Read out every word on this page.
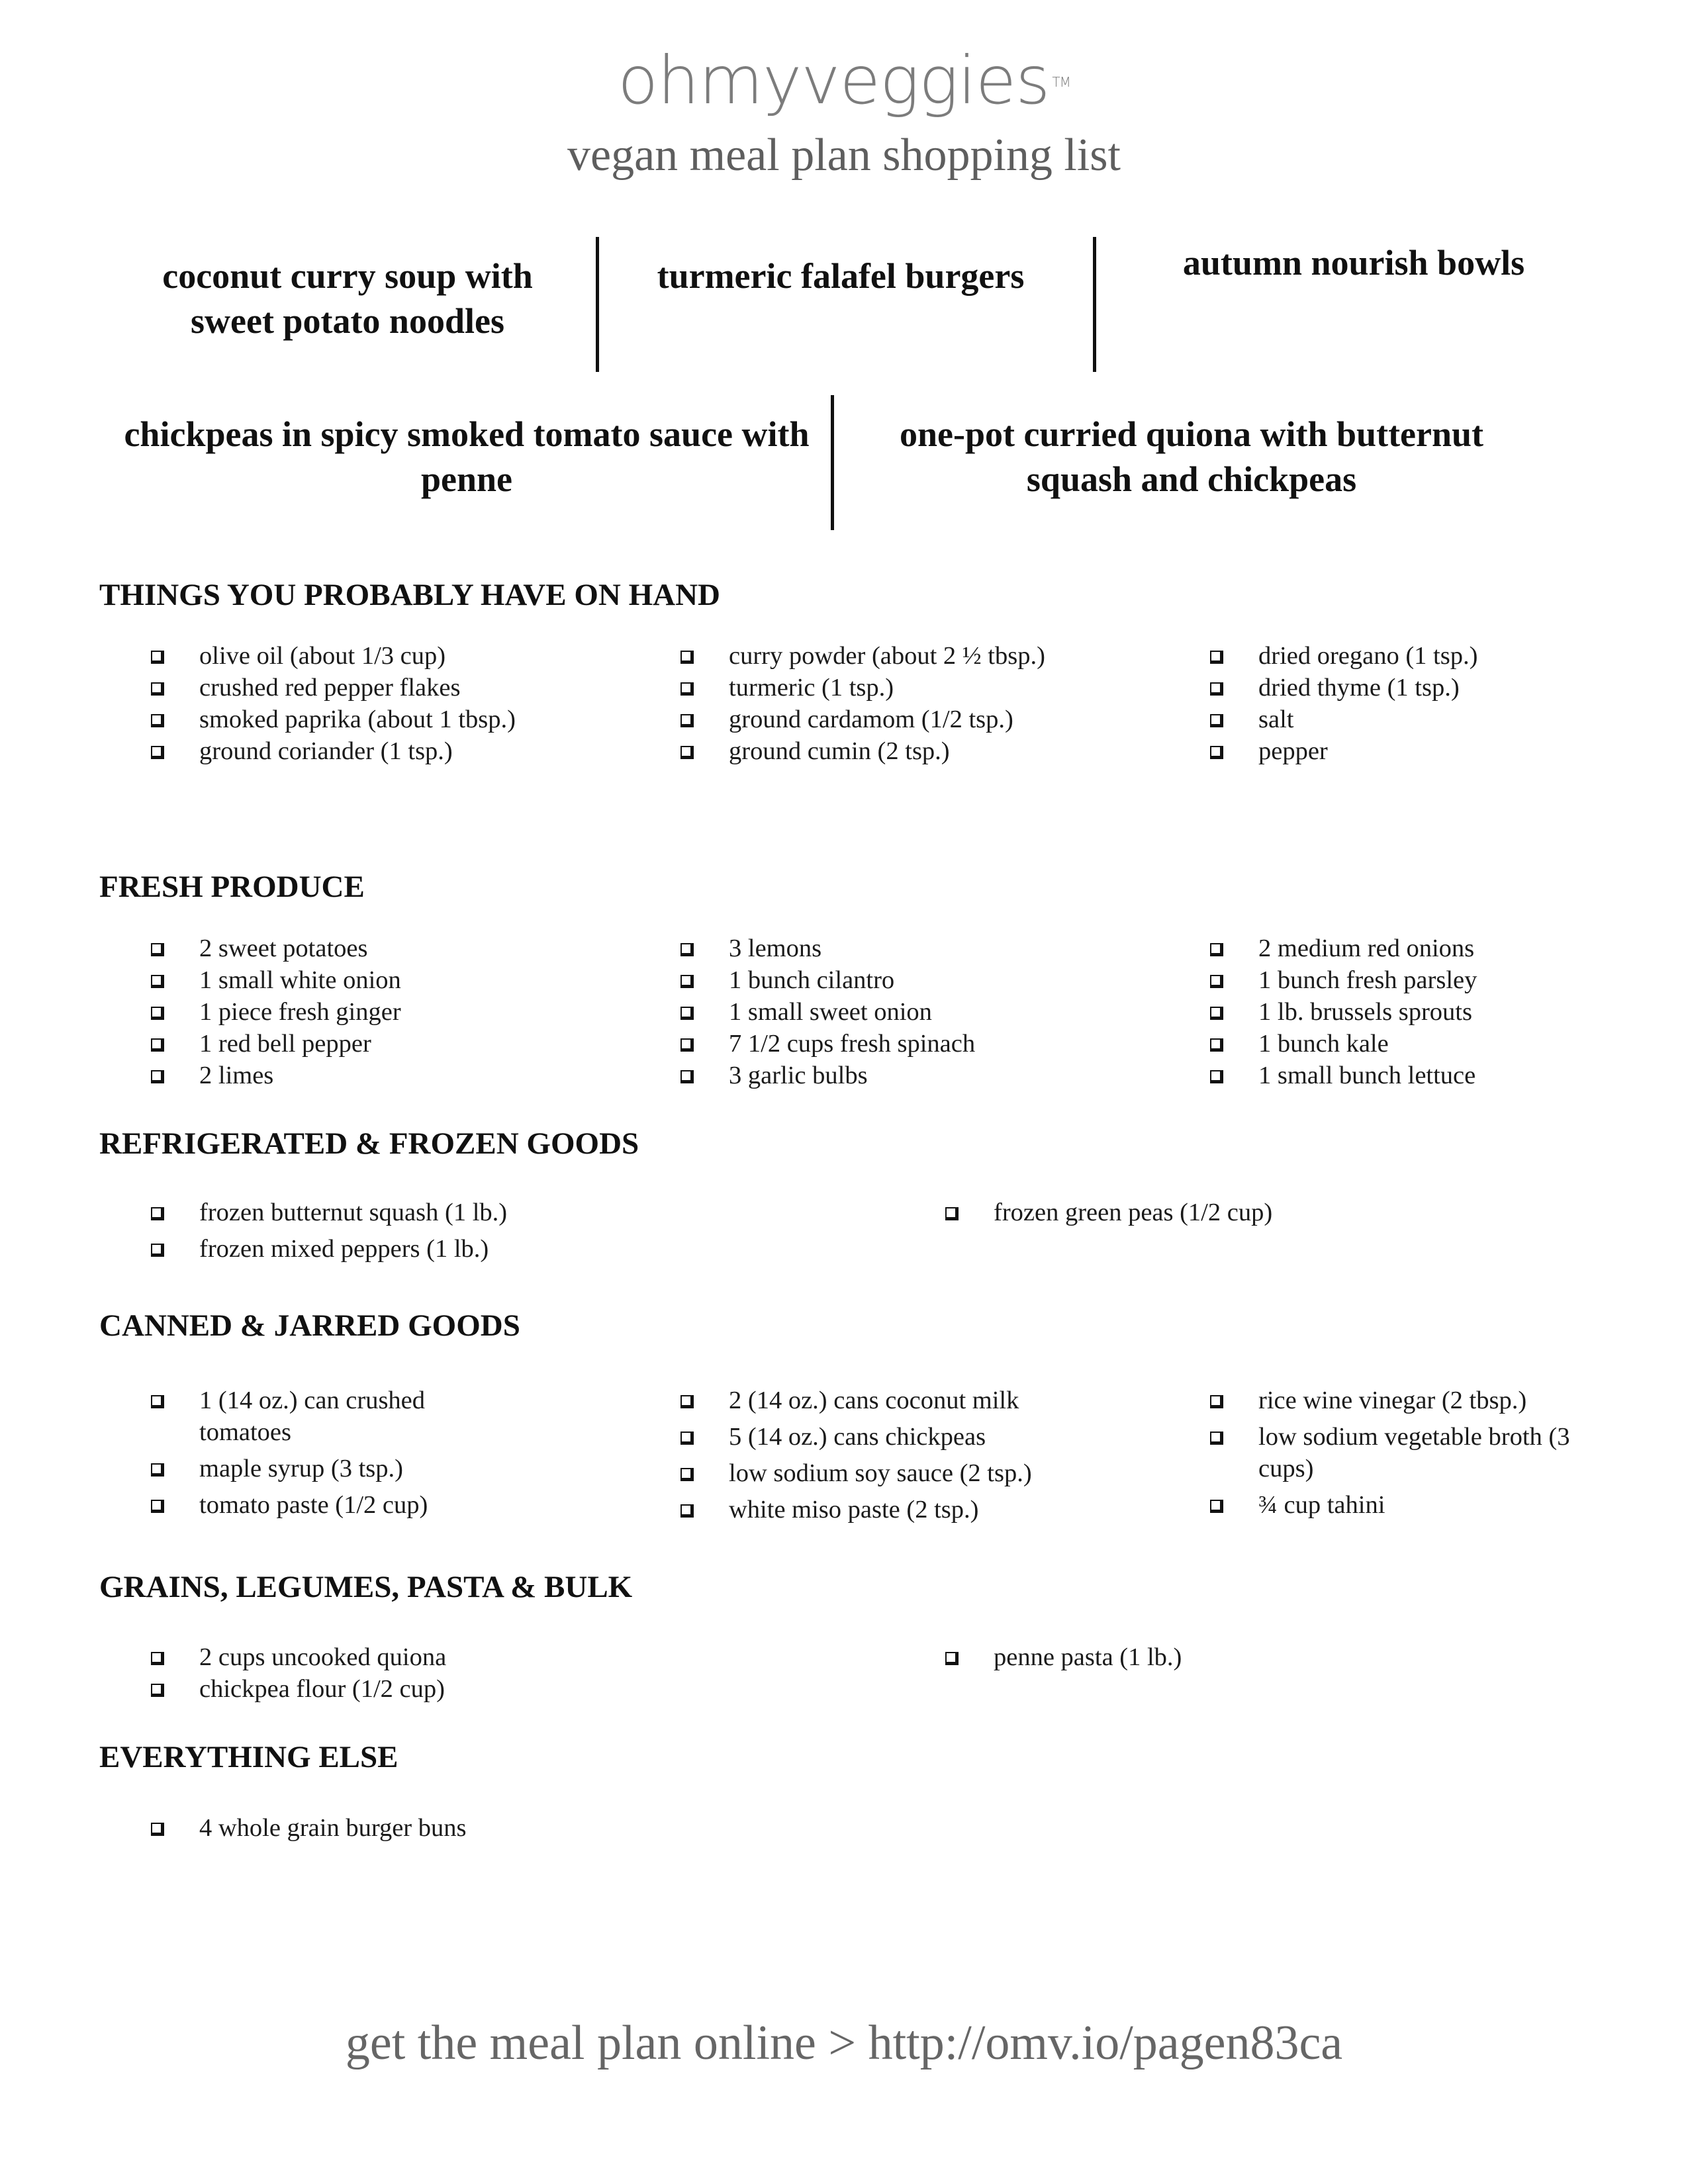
ohmyveggies ™
vegan meal plan shopping list
coconut curry soup with sweet potato noodles
turmeric falafel burgers	autumn nourish bowls
chickpeas in spicy smoked tomato sauce with penne
one-pot curried quiona with butternut squash and chickpeas
THINGS YOU PROBABLY HAVE ON HAND
olive oil (about 1/3 cup)
crushed red pepper flakes
smoked paprika (about 1 tbsp.)
ground coriander (1 tsp.)
curry powder (about 2 ½ tbsp.)
turmeric (1 tsp.)
ground cardamom (1/2 tsp.)
ground cumin (2 tsp.)
dried oregano (1 tsp.)
dried thyme (1 tsp.)
salt
pepper
FRESH PRODUCE
2 sweet potatoes
1 small white onion
1 piece fresh ginger
1 red bell pepper
2 limes
3 lemons
1 bunch cilantro
1 small sweet onion
7 1/2 cups fresh spinach
3 garlic bulbs
2 medium red onions
1 bunch fresh parsley
1 lb. brussels sprouts
1 bunch kale
1 small bunch lettuce
REFRIGERATED & FROZEN GOODS
frozen butternut squash (1 lb.)
frozen mixed peppers (1 lb.)
frozen green peas (1/2 cup)
CANNED & JARRED GOODS
1 (14 oz.) can crushed tomatoes
maple syrup (3 tsp.)
tomato paste (1/2 cup)
2 (14 oz.) cans coconut milk
5 (14 oz.) cans chickpeas
low sodium soy sauce (2 tsp.)
white miso paste (2 tsp.)
rice wine vinegar (2 tbsp.)
low sodium vegetable broth (3 cups)
¾ cup tahini
GRAINS, LEGUMES, PASTA & BULK
2 cups uncooked quiona
chickpea flour (1/2 cup)
penne pasta (1 lb.)
EVERYTHING ELSE
4 whole grain burger buns
get the meal plan online > http://omv.io/pagen83ca
